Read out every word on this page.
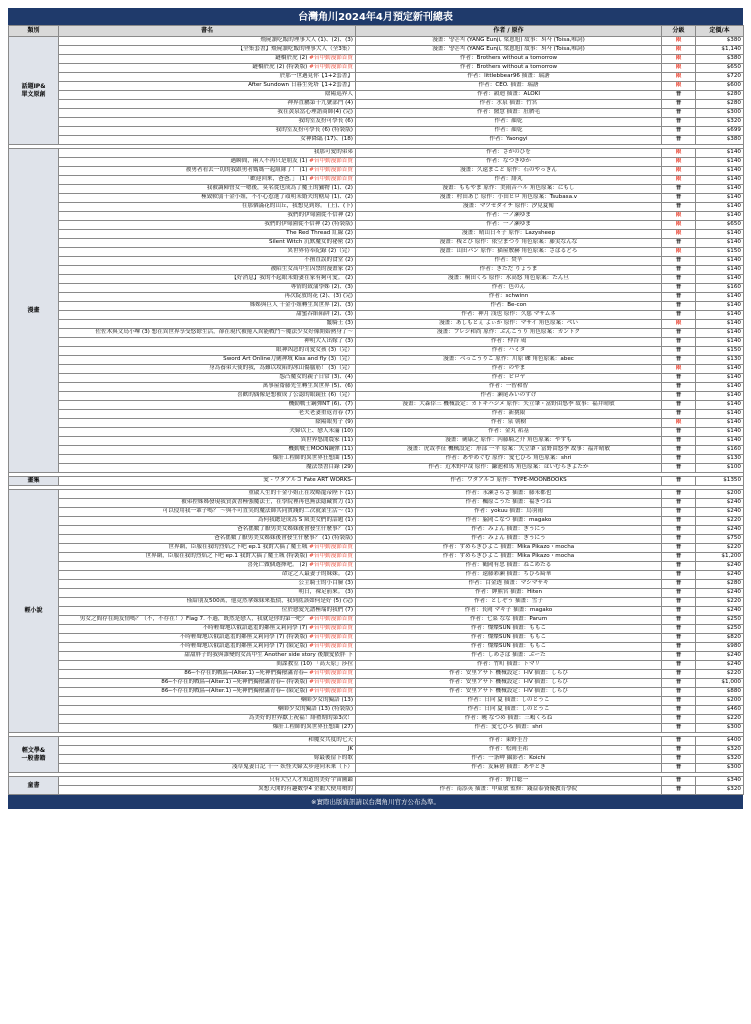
台灣角川2024年4月預定新刊總表
類別	書名	作者 / 原作	分級	定價/本
話題IP&
單文原創	殭屍讀吃飯的理事大人 (1)、(2)、(3)	漫畫：양은지 (YANG Eunji, 梁恩旭) 故事：퇴사 (Toisa,唯詞)	限	$380
	【全集套書】殭屍讀吃飯的理事大人（全3集）	漫畫：양은지 (YANG Eunji, 梁恩旭) 故事：퇴사 (Toisa,唯詞)	限	$1,140
	鏈橋於虎 (2) #台中動漫節首賣	作者：Brothers without a tomorrow	限	$380
	鏈橋於虎 (2) (特裝版) #台中動漫節首賣	作者：Brothers without a tomorrow	限	$650
	於那一世邁見你【1+2套書】	作者：littlebbear96 插畫：瑞溏	限	$720
	After Sundown 日暮生死塔【1+2套書】	作者：CEO. 插畫：瑞溏	限	$600
	陰陽巡界人	作者：韻迴 插畫：ALOKI	普	$280
	神界直屬第十九號部門 (4)	作者：水泉 插畫：竹宮	普	$280
	我在黃泉當心理諮商師(4) (完)	作者：醫慧 插畫：肚臍毛	普	$300
	我的室友扮可學長 (6)	作者：顏乾	普	$320
	我的室友扮可學長 (6) (特裝版)	作者：顏乾	普	$699
	女神降臨 (17)、(18)	作者：Yaongyi	普	$380

漫畫	我那可愛的弟弟	作者：さがのひを	限	$140
	邁瞬間，兩人不再只是朋友 (1) #台中動漫節首賣	作者：なつきゆか	限	$140
	被勇者看去一切的我跟勇者媽媽一起組隊了！ (1) #台中動漫節首賣	漫畫：久遠まこと 原作：石のやっきん	限	$140
	「歡迎回來，爸爸。」 (1) #台中動漫節首賣	作者：緋丸	限	$140
	我被調陣營女一嗯後，莫名從也成為了魔王的獵物 (1)、(2)	漫畫：ももやま 原作：美雨音ハル 角色原案：にもし	普	$140
	極致軟弱千金小姐，不小心惹進了頑明未婚夫的轄局 (1)、(2)	漫畫：村田あじ 原作：小田ヒロ 角色原案：Tsubasa.v	普	$140
	在那個滿花的山丘，我想見到妳。 (上)、(下)	漫畫：マツセダイチ 原作：汐見夏衛	普	$140
	我們的伊甸園從不信神 (2)	作者：一ノ瀬ゆま	限	$140
	我們的伊甸園從不信神 (2) (特裝版)	作者：一ノ瀬ゆま	限	$650
	The Red Thread 紅線 (2)	漫畫：晴山日々子 原作：Lazysheep	限	$140
	Silent Witch 沉默魔女的祕密 (2)	漫畫：桟とび 原作：依空まつり 角色原案：藤実なんな	普	$140
	異世界侍奉紀錄 (2)（完）	漫畫：山田パン 原作：猫屋敷赫 角色原案：さばるどろ	限	$150
	不擅直誤的食堂 (2)	作者：焚辛	普	$140
	被陌生女高中生囚禁的漫畫家 (2)	作者：きただ りょうま	普	$140
	【好消息】我的不起眼未婚妻在家有夠可愛。 (2)	漫畫：桐田くろ 原作：氷高悠 角色原案：たん旦	普	$140
	專情的致蒲學姊 (2)、(3)	作者：色のん	普	$160
	再次綻放的花 (2)、(3) (完)	作者：schwinn	普	$140
	姊姊與巨人 千金小姐轉生異世界 (2)、(3)	作者：Be-con	普	$140
	甜蜜吞餡陷阱 (2)、(3)	作者：神月 浅也 原作：久慈 マサムネ	普	$140
	鬣騎王 (3)	漫畫：あしもとぇ よぃか 原作：マサイ 角色原案：ぺい	限	$140
	佐佐木與文鳥小嗶 (3) 想在異世界享受悠餘生活，卻在現代被捲入異能戰鬥～魔法少女好像開始熱身了～	漫畫：ブレジ和尚 原作：ぷんこうり 角色原案：カントク	普	$140
	神明大人出嫁了 (3)	作者：仲谷 鳰	普	$140
	眼神凶惡的司愛女孩 (3)（完）	作者：ハミタ	普	$150
	Sword Art Online刀劍神域 Kiss and fly (3)（完）	漫畫：べっこうりこ 原作：川原 礫 角色原案：abec	普	$130
	身為養弟天使的我，為難以攻陷的冰山傷腦筋！ (3)（完）	作者：のやま	限	$140
	怨凸魔女的親子日常 (3)、(4)	作者：ピロヤ	普	$140
	萬事屋齋藤先生轉生異世界 (5)、(6)	作者：一智和智	普	$140
	喜歡的偶像是想被成了公認的眼鏡狂 (6)（完）	作者：瀬尾みいのすけ	普	$140
	機動戰士鋼彈NT (6)、(7)	漫畫：大森倖三 機械設定：カトキハジメ 原作：矢立肇・富野由悠季 故事：福井晴敏	普	$140
	老夫老妻重返青春 (7)	作者：新挑限	普	$140
	陰陽眼男子 (9)	作者：泉 朝樹	限	$140
	夫婦以上、戀人未滿 (10)	作者：金丸 祐基	普	$140
	異世界悠閒農家 (11)	漫畫：劍康之 原作：內藤騎之介 角色原案：やすも	普	$140
	機動戰士MOON鋼彈 (11)	漫畫：虎哉孝征 機械設定：形部 一平 原案：矢立肇・富野由悠季 故事：福井晴敏	普	$160
	爆肝工程師的異世界狂想曲 (15)	作者：あやめぐむ 原作：愛七ひろ 角色原案：shri	普	$130
	魔法禁書目錄 (29)	作者：近木野中哉 原作：鎌池和馬 角色原案：はいむらきよたか	普	$100

畫集	愛 - ワダアルコ Fate ART WORKS-	作者：ワダアルコ 原作：TYPE-MOONBOOKS	普	$1350

輕小說	重啟人生的千金小姐正在攻略龍帝陛下 (1)	作者：永瀬さらさ 插畫：藤未都也	普	$200
	被弟控姊姊發現我買黃書極強魔法士，在學院裡再也無法隱藏實力 (1)	作者：楓原こうた 插畫：福きつね	普	$240
	可以侵用我一輩子嗎？ ～與不可直笑的魔法師共同實踐的二次就業生活～ (1)	作者：yokuu 插畫：烏羽雨	普	$240
	為何我總是成為 S 級美女們的話題 (1)	作者：脇岡こなつ 插畫：magako	普	$220
	爸名搖數了厭男美女姊妹後會發生什麼事？ (1)	作者：みょん 插畫：ぎうにう	普	$240
	爸名搖數了厭男美女姊妹後會發生什麼事？ (1) (特裝版)	作者：みょん 插畫：ぎうにう	普	$750
	世界網，臣服在我的烈焰之下吧 ep.1 我對大搞了魔王城 #台中動漫節首賣	作者：すめらぎひよこ 插畫：Mika Pikazo・mocha	普	$220
	世界網，臣服在我的烈焰之下吧 ep.1 我對大搞了魔王城 (特裝版) #台中動漫節首賣	作者：すめらぎひよこ 插畫：Mika Pikazo・mocha	普	$1,200
	喜死亡做個選擇吧。 (2) #台中動漫節首賣	作者：鶴岡有忠 插畫：ねこめたる	普	$240
	命定之人最妻子的妹妹。 (2)	作者：遠藤彩瀬 插畫：ちひろ綺華	普	$240
	公主騎士的小白臉 (3)	作者：白金透 插畫：マシマサキ	普	$280
	明日，裸足前來。 (3)	作者：紳熊宮 插畫：Hiten	普	$240
	僅給朋友500萬，他竟然拿妹妹來抵債，我到底該如何是好 (5) (完)	作者：としぞう 插畫：雪子	普	$220
	位於戀愛光譜極端的我們 (7)	作者：長岡 マキ子 插畫：magako	普	$240
	男女之間存在純友情嗎？（不，不存在！）Flag 7. 不過，既然是戀人，我就是你的第一吧？ #台中動漫節首賣	作者：七菜 なな 插畫：Parum	普	$250
	不時輕聲地以俄語遮羞的鄰座艾莉同學 (7) #台中動漫節首賣	作者：燦燦SUN 插畫：ももこ	普	$250
	不時輕聲地以俄語遮羞的鄰座艾莉同學 (7) (特裝版) #台中動漫節首賣	作者：燦燦SUN 插畫：ももこ	普	$820
	不時輕聲地以俄語遮羞的鄰座艾莉同學 (7) (限定版) #台中動漫節首賣	作者：燦燦SUN 插畫：ももこ	普	$980
	甜甜胖子的我與誰變的女高中生 Another side story 後續愛依胖 下	作者：しめさば 插畫：ぶーた	普	$240
	間諜教室 (10) 「高天原」莎拉	作者：竹町 插畫：トマリ	普	$240
	86─不存在的戰區─(Alter.1) ─死神們獨撥瀟青春─ #台中動漫節首賣	作者：安里アサト 機械設定：I-IV 插畫：しらび	普	$220
	86─不存在的戰區─(Alter.1) ─死神們獨撥瀟青春─ (特裝版) #台中動漫節首賣	作者：安里アサト 機械設定：I-IV 插畫：しらび	普	$1,000
	86─不存在的戰區─(Alter.1) ─死神們獨撥瀟青春─ (限定版) #台中動漫節首賣	作者：安里アサト 機械設定：I-IV 插畫：しらび	普	$880
	藥師少女的獨語 (13)	作者：日向 夏 插畫：しのとうこ	普	$200
	藥師少女的獨語 (13) (特裝版)	作者：日向 夏 插畫：しのとうこ	普	$460
	為美好的世界獻上祝福！緋禮期的第3次！	作者：曉 なつめ 插畫：三嶋くろね	普	$220
	爆肝工程師的異世界狂想曲 (27)	作者：愛七ひろ 插畫：shri	普	$300

輕文學&
一般書籍	和魔女共度的七天	作者：東野圭吾	普	$400
	JK	作者：松岡圭祐	普	$320
	妳最後留下的歌	作者：一条岬 攝影者：Koichi	普	$320
	淺草鬼妻日記 十一 妖怪夫婦太步迎向未來（下）	作者：友麻碧 插畫：あやとき	普	$300

童書	只有大空人才知道的美好宇宙圖鑑	作者：野口聡一	普	$340
	異想天開的有趣數學4 企鵝大便用噴的	作者：南添英 插畫：申東敏 監修：錢益泰資優教育學院	普	$320
※實際出版資訊請以台灣角川官方公布為準。
